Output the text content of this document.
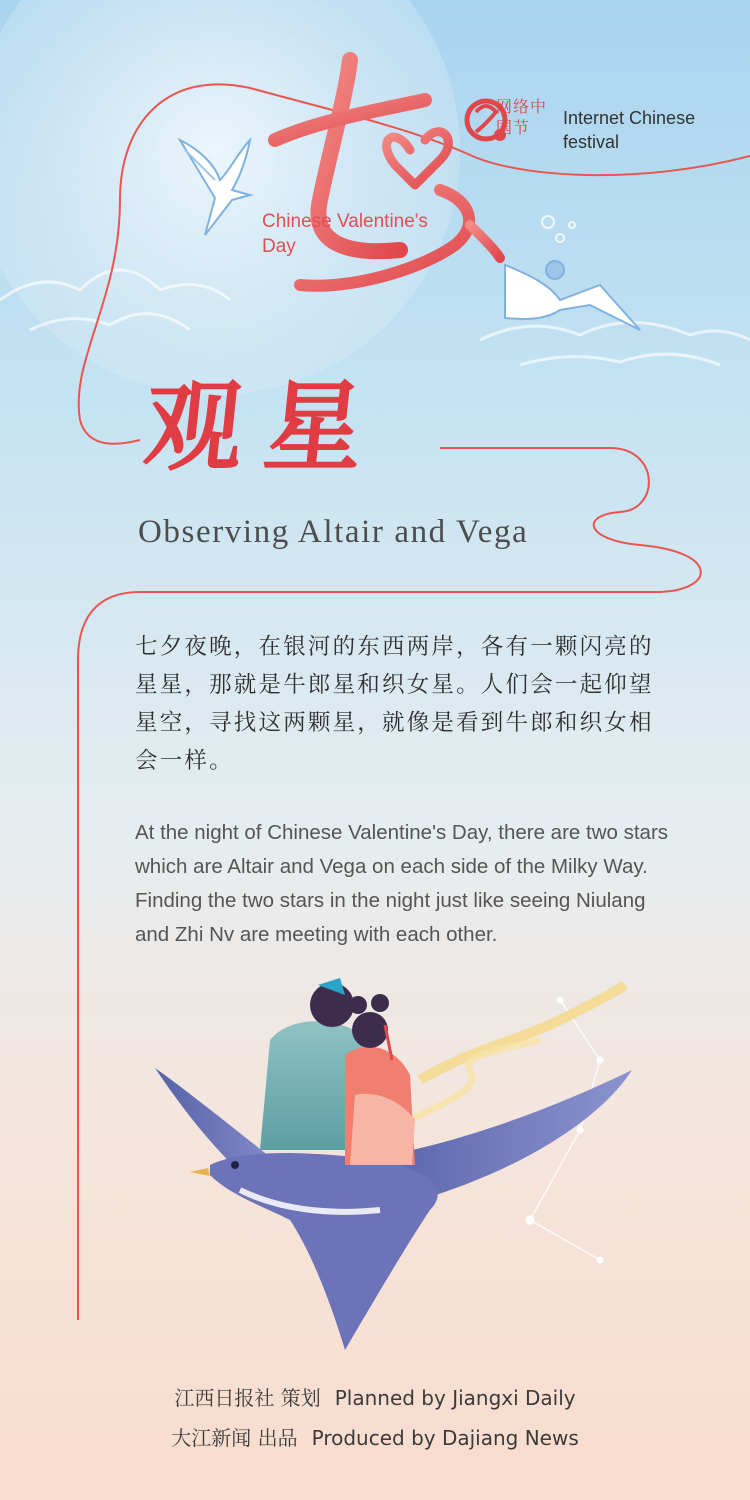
网络中国节	Internet Chinese festival
Chinese Valentine's Day
观星
Observing Altair and Vega

七夕夜晚，在银河的东西两岸，各有一颗闪亮的星星，那就是牛郎星和织女星。人们会一起仰望星空，寻找这两颗星，就像是看到牛郎和织女相会一样。

At the night of Chinese Valentine's Day, there are two stars which are Altair and Vega on each side of the Milky Way. Finding the two stars in the night just like seeing Niulang and Zhi Nv are meeting with each other.

江西日报社 策划 Planned by Jiangxi Daily
大江新闻 出品 Produced by Dajiang News
